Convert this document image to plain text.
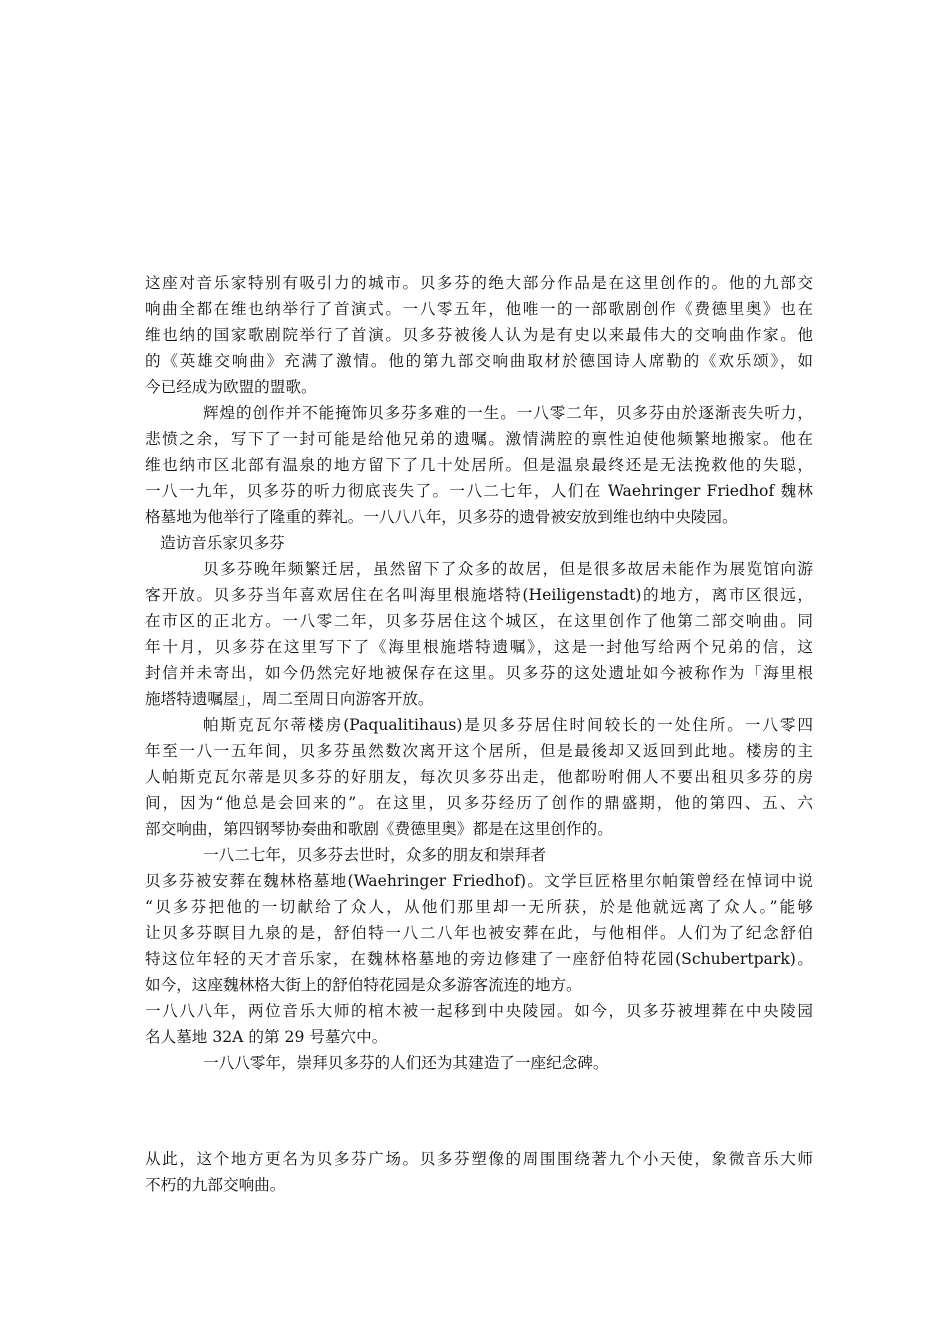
这座对音乐家特别有吸引力的城市。贝多芬的绝大部分作品是在这里创作的。他的九部交
响曲全都在维也纳举行了首演式。一八零五年，他唯一的一部歌剧创作《费德里奥》也在
维也纳的国家歌剧院举行了首演。贝多芬被後人认为是有史以来最伟大的交响曲作家。他
的《英雄交响曲》充满了激情。他的第九部交响曲取材於德国诗人席勒的《欢乐颂》，如
今已经成为欧盟的盟歌。
辉煌的创作并不能掩饰贝多芬多难的一生。一八零二年，贝多芬由於逐渐丧失听力，
悲愤之余，写下了一封可能是给他兄弟的遗嘱。激情满腔的禀性迫使他频繁地搬家。他在
维也纳市区北部有温泉的地方留下了几十处居所。但是温泉最终还是无法挽救他的失聪，
一八一九年，贝多芬的听力彻底丧失了。一八二七年，人们在 Waehringer Friedhof 魏林
格墓地为他举行了隆重的葬礼。一八八八年，贝多芬的遗骨被安放到维也纳中央陵园。
造访音乐家贝多芬
贝多芬晚年频繁迁居，虽然留下了众多的故居，但是很多故居未能作为展览馆向游
客开放。贝多芬当年喜欢居住在名叫海里根施塔特(Heiligenstadt)的地方，离市区很远，
在市区的正北方。一八零二年，贝多芬居住这个城区，在这里创作了他第二部交响曲。同
年十月，贝多芬在这里写下了《海里根施塔特遗嘱》，这是一封他写给两个兄弟的信，这
封信并未寄出，如今仍然完好地被保存在这里。贝多芬的这处遗址如今被称作为「海里根
施塔特遗嘱屋」，周二至周日向游客开放。
帕斯克瓦尔蒂楼房(Paqualitihaus)是贝多芬居住时间较长的一处住所。一八零四
年至一八一五年间，贝多芬虽然数次离开这个居所，但是最後却又返回到此地。楼房的主
人帕斯克瓦尔蒂是贝多芬的好朋友，每次贝多芬出走，他都吩咐佣人不要出租贝多芬的房
间，因为“他总是会回来的”。在这里，贝多芬经历了创作的鼎盛期，他的第四、五、六
部交响曲，第四钢琴协奏曲和歌剧《费德里奥》都是在这里创作的。
一八二七年，贝多芬去世时，众多的朋友和崇拜者
贝多芬被安葬在魏林格墓地(Waehringer Friedhof)。文学巨匠格里尔帕策曾经在悼词中说
“贝多芬把他的一切献给了众人，从他们那里却一无所获，於是他就远离了众人。”能够
让贝多芬瞑目九泉的是，舒伯特一八二八年也被安葬在此，与他相伴。人们为了纪念舒伯
特这位年轻的天才音乐家，在魏林格墓地的旁边修建了一座舒伯特花园(Schubertpark)。
如今，这座魏林格大街上的舒伯特花园是众多游客流连的地方。
一八八八年，两位音乐大师的棺木被一起移到中央陵园。如今，贝多芬被埋葬在中央陵园
名人墓地 32A 的第 29 号墓穴中。
一八八零年，崇拜贝多芬的人们还为其建造了一座纪念碑。
从此，这个地方更名为贝多芬广场。贝多芬塑像的周围围绕著九个小天使，象微音乐大师
不朽的九部交响曲。
